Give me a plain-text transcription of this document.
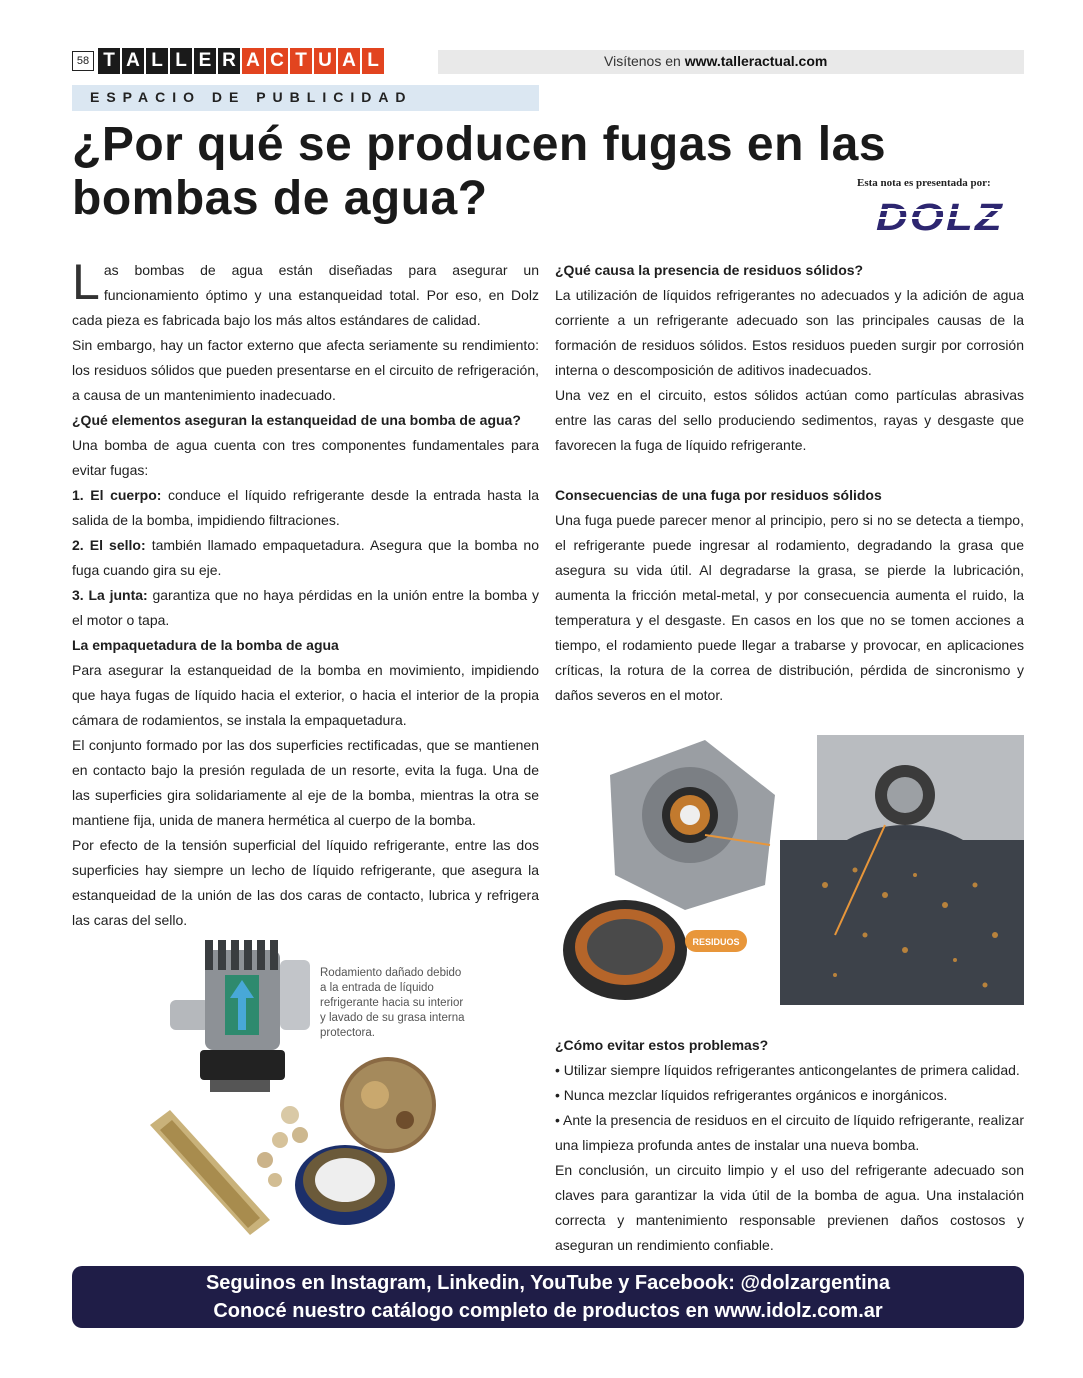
58 T A L L E R A C T U A L	Visítenos en www.talleractual.com
ESPACIO DE PUBLICIDAD
¿Por qué se producen fugas en las bombas de agua?	Esta nota es presentada por:
DOLZ

Las bombas de agua están diseñadas para asegurar un funcionamiento óptimo y una estanqueidad total. Por eso, en Dolz cada pieza es fabricada bajo los más altos estándares de calidad.

Sin embargo, hay un factor externo que afecta seriamente su rendimiento: los residuos sólidos que pueden presentarse en el circuito de refrigeración, a causa de un mantenimiento inadecuado.

¿Qué elementos aseguran la estanqueidad de una bomba de agua?

Una bomba de agua cuenta con tres componentes fundamentales para evitar fugas:

1. El cuerpo: conduce el líquido refrigerante desde la entrada hasta la salida de la bomba, impidiendo filtraciones.

2. El sello: también llamado empaquetadura. Asegura que la bomba no fuga cuando gira su eje.

3. La junta: garantiza que no haya pérdidas en la unión entre la bomba y el motor o tapa.

La empaquetadura de la bomba de agua

Para asegurar la estanqueidad de la bomba en movimiento, impidiendo que haya fugas de líquido hacia el exterior, o hacia el interior de la propia cámara de rodamientos, se instala la empaquetadura.

El conjunto formado por las dos superficies rectificadas, que se mantienen en contacto bajo la presión regulada de un resorte, evita la fuga. Una de las superficies gira solidariamente al eje de la bomba, mientras la otra se mantiene fija, unida de manera hermética al cuerpo de la bomba.

Por efecto de la tensión superficial del líquido refrigerante, entre las dos superficies hay siempre un lecho de líquido refrigerante, que asegura la estanqueidad de la unión de las dos caras de contacto, lubrica y refrigera las caras del sello.

Rodamiento dañado debido a la entrada de líquido refrigerante hacia su interior y lavado de su grasa interna protectora.

¿Qué causa la presencia de residuos sólidos?

La utilización de líquidos refrigerantes no adecuados y la adición de agua corriente a un refrigerante adecuado son las principales causas de la formación de residuos sólidos. Estos residuos pueden surgir por corrosión interna o descomposición de aditivos inadecuados.

Una vez en el circuito, estos sólidos actúan como partículas abrasivas entre las caras del sello produciendo sedimentos, rayas y desgaste que favorecen la fuga de líquido refrigerante.

Consecuencias de una fuga por residuos sólidos

Una fuga puede parecer menor al principio, pero si no se detecta a tiempo, el refrigerante puede ingresar al rodamiento, degradando la grasa que asegura su vida útil. Al degradarse la grasa, se pierde la lubricación, aumenta la fricción metal-metal, y por consecuencia aumenta el ruido, la temperatura y el desgaste. En casos en los que no se tomen acciones a tiempo, el rodamiento puede llegar a trabarse y provocar, en aplicaciones críticas, la rotura de la correa de distribución, pérdida de sincronismo y daños severos en el motor.

RESIDUOS

¿Cómo evitar estos problemas?

• Utilizar siempre líquidos refrigerantes anticongelantes de primera calidad.

• Nunca mezclar líquidos refrigerantes orgánicos e inorgánicos.

• Ante la presencia de residuos en el circuito de líquido refrigerante, realizar una limpieza profunda antes de instalar una nueva bomba.

En conclusión, un circuito limpio y el uso del refrigerante adecuado son claves para garantizar la vida útil de la bomba de agua. Una instalación correcta y mantenimiento responsable previenen daños costosos y aseguran un rendimiento confiable.

Seguinos en Instagram, Linkedin, YouTube y Facebook: @dolzargentina
Conocé nuestro catálogo completo de productos en www.idolz.com.ar
